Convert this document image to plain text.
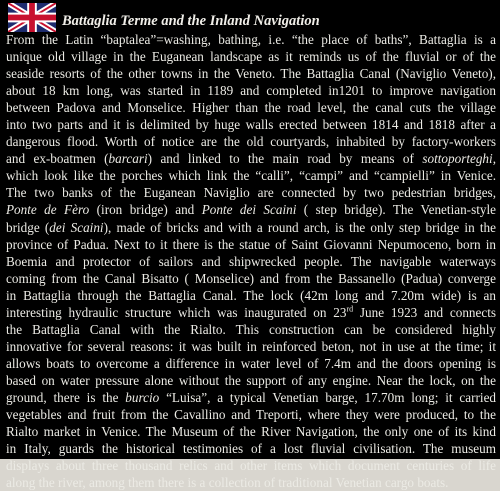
Battaglia Terme and the Inland Navigation
From the Latin “baptalea”=washing, bathing, i.e. “the place of baths”, Battaglia is a
unique old village in the Euganean landscape as it reminds us of the fluvial or of the
seaside resorts of the other towns in the Veneto. The Battaglia Canal (Naviglio Veneto),
about 18 km long, was started in 1189 and completed in1201 to improve navigation
between Padova and Monselice. Higher than the road level, the canal cuts the village
into two parts and it is delimited by huge walls erected between 1814 and 1818 after a
dangerous flood. Worth of notice are the old courtyards, inhabited by factory-workers
and ex-boatmen (barcari) and linked to the main road by means of sottoporteghi,
which look like the porches which link the “calli”, “campi” and “campielli” in Venice.
The two banks of the Euganean Naviglio are connected by two pedestrian bridges,
Ponte de Fèro (iron bridge) and Ponte dei Scaini ( step bridge). The Venetian-style
bridge (dei Scaini), made of bricks and with a round arch, is the only step bridge in the
province of Padua. Next to it there is the statue of Saint Giovanni Nepumoceno, born in
Boemia and protector of sailors and shipwrecked people. The navigable waterways
coming from the Canal Bisatto ( Monselice) and from the Bassanello (Padua) converge
in Battaglia through the Battaglia Canal. The lock (42m long and 7.20m wide) is an
interesting hydraulic structure which was inaugurated on 23rd June 1923 and connects
the Battaglia Canal with the Rialto. This construction can be considered highly
innovative for several reasons: it was built in reinforced beton, not in use at the time; it
allows boats to overcome a difference in water level of 7.4m and the doors opening is
based on water pressure alone without the support of any engine. Near the lock, on the
ground, there is the burcio “Luisa”, a typical Venetian barge, 17.70m long; it carried
vegetables and fruit from the Cavallino and Treporti, where they were produced, to the
Rialto market in Venice. The Museum of the River Navigation, the only one of its kind
in Italy, guards the historical testimonies of a lost fluvial civilisation. The museum
displays about three thousand relics and other items which document centuries of life
along the river, among them there is a collection of traditional Venetian cargo boats.
